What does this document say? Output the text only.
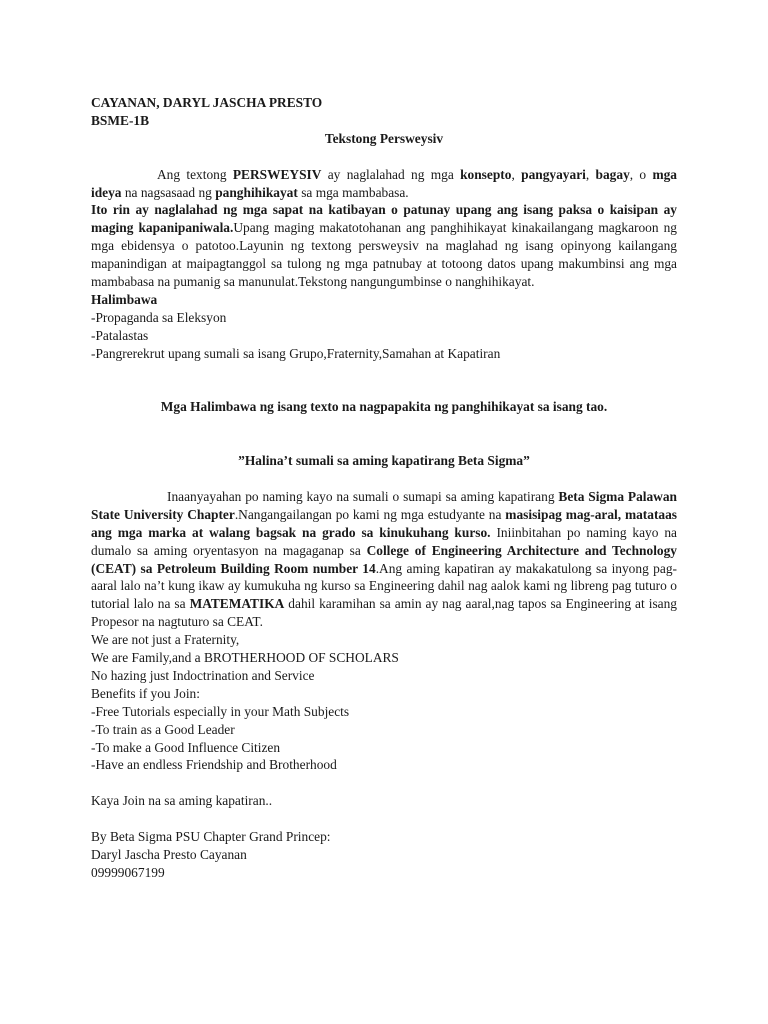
CAYANAN, DARYL JASCHA PRESTO
BSME-1B
Tekstong Persweysiv

Ang textong PERSWEYSIV ay naglalahad ng mga konsepto, pangyayari, bagay, o mga ideya na nagsasaad ng panghihikayat sa mga mambabasa.

Ito rin ay naglalahad ng mga sapat na katibayan o patunay upang ang isang paksa o kaisipan ay maging kapanipaniwala.Upang maging makatotohanan ang panghihikayat kinakailangang magkaroon ng mga ebidensya o patotoo.Layunin ng textong persweysiv na maglahad ng isang opinyong kailangang mapanindigan at maipagtanggol sa tulong ng mga patnubay at totoong datos upang makumbinsi ang mga mambabasa na pumanig sa manunulat.Tekstong nangungumbinse o nanghihikayat.

Halimbawa
-Propaganda sa Eleksyon
-Patalastas
-Pangrerekrut upang sumali sa isang Grupo,Fraternity,Samahan at Kapatiran
Mga Halimbawa ng isang texto na nagpapakita ng panghihikayat sa isang tao.
”Halina’t sumali sa aming kapatirang Beta Sigma”

Inaanyayahan po naming kayo na sumali o sumapi sa aming kapatirang Beta Sigma Palawan State University Chapter.Nangangailangan po kami ng mga estudyante na masisipag mag-aral, matataas ang mga marka at walang bagsak na grado sa kinukuhang kurso. Iniinbitahan po naming kayo na dumalo sa aming oryentasyon na magaganap sa College of Engineering Architecture and Technology (CEAT) sa Petroleum Building Room number 14.Ang aming kapatiran ay makakatulong sa inyong pag-aaral lalo na’t kung ikaw ay kumukuha ng kurso sa Engineering dahil nag aalok kami ng libreng pag tuturo o tutorial lalo na sa MATEMATIKA dahil karamihan sa amin ay nag aaral,nag tapos sa Engineering at isang Propesor na nagtuturo sa CEAT.

We are not just a Fraternity,
We are Family,and a BROTHERHOOD OF SCHOLARS
No hazing just Indoctrination and Service
Benefits if you Join:
-Free Tutorials especially in your Math Subjects
-To train as a Good Leader
-To make a Good Influence Citizen
-Have an endless Friendship and Brotherhood
Kaya Join na sa aming kapatiran..
By Beta Sigma PSU Chapter Grand Princep:
Daryl Jascha Presto Cayanan
09999067199
